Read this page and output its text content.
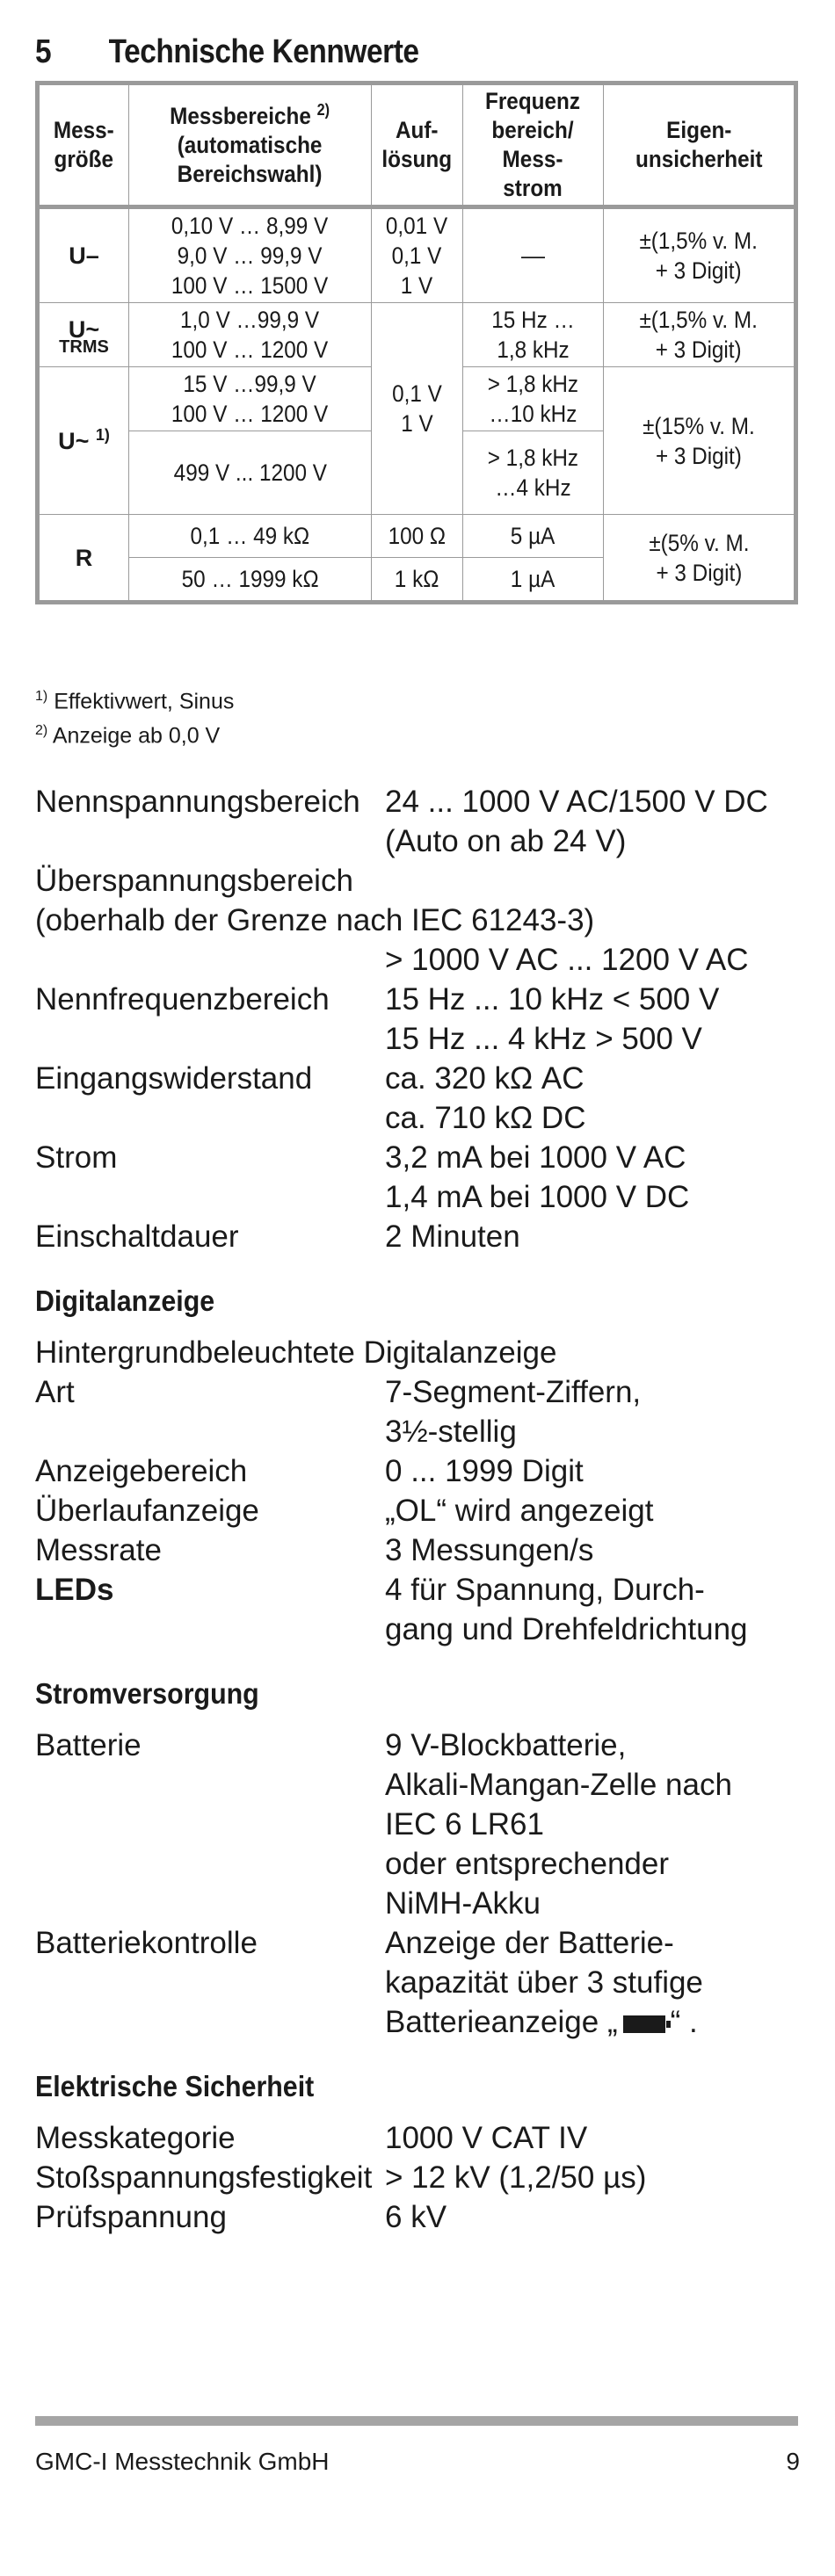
5 Technische Kennwerte
Mess-
größe	Messbereiche $^{2)}$
(automatische
Bereichswahl)	Auf-
lösung	Frequenz
bereich/
Mess-
strom	Eigen-
unsicherheit
U–	0,10 V … 8,99 V
9,0 V … 99,9 V
100 V … 1500 V	0,01 V
0,1 V
1 V	—	±(1,5% v. M.
+ 3 Digit)
U~
TRMS	1,0 V …99,9 V
100 V … 1200 V	0,1 V
1 V	15 Hz …
1,8 kHz	±(1,5% v. M.
+ 3 Digit)
U~ $^{1)}$	15 V …99,9 V
100 V … 1200 V		> 1,8 kHz
…10 kHz	±(15% v. M.
+ 3 Digit)
	499 V ... 1200 V		> 1,8 kHz
…4 kHz	
R	0,1 … 49 kΩ	100 Ω	5 µA	±(5% v. M.
+ 3 Digit)
	50 … 1999 kΩ	1 kΩ	1 µA	
$^{1)}$ Effektivwert, Sinus
$^{2)}$ Anzeige ab 0,0 V
Nennspannungsbereich 24 ... 1000 V AC/1500 V DC
(Auto on ab 24 V)
Überspannungsbereich
(oberhalb der Grenze nach IEC 61243-3)
> 1000 V AC ... 1200 V AC
Nennfrequenzbereich	15 Hz ... 10 kHz < 500 V
15 Hz ... 4 kHz > 500 V
Eingangswiderstand	ca. 320 kΩ AC
ca. 710 kΩ DC
Strom	3,2 mA bei 1000 V AC
1,4 mA bei 1000 V DC
Einschaltdauer	2 Minuten
Digitalanzeige
Hintergrundbeleuchtete Digitalanzeige
Art	7-Segment-Ziffern,
3½-stellig
Anzeigebereich	0 ... 1999 Digit
Überlaufanzeige	„OL“ wird angezeigt
Messrate	3 Messungen/s
LEDs	4 für Spannung, Durch-
gang und Drehfeldrichtung
Stromversorgung
Batterie	9 V-Blockbatterie,
Alkali-Mangan-Zelle nach
IEC 6 LR61
oder entsprechender
NiMH-Akku
Batteriekontrolle	Anzeige der Batterie-
kapazität über 3 stufige
Batterieanzeige „ “ .
Elektrische Sicherheit
Messkategorie	1000 V CAT IV
Stoßspannungsfestigkeit > 12 kV (1,2/50 µs)
Prüfspannung	6 kV
GMC-I Messtechnik GmbH	9
